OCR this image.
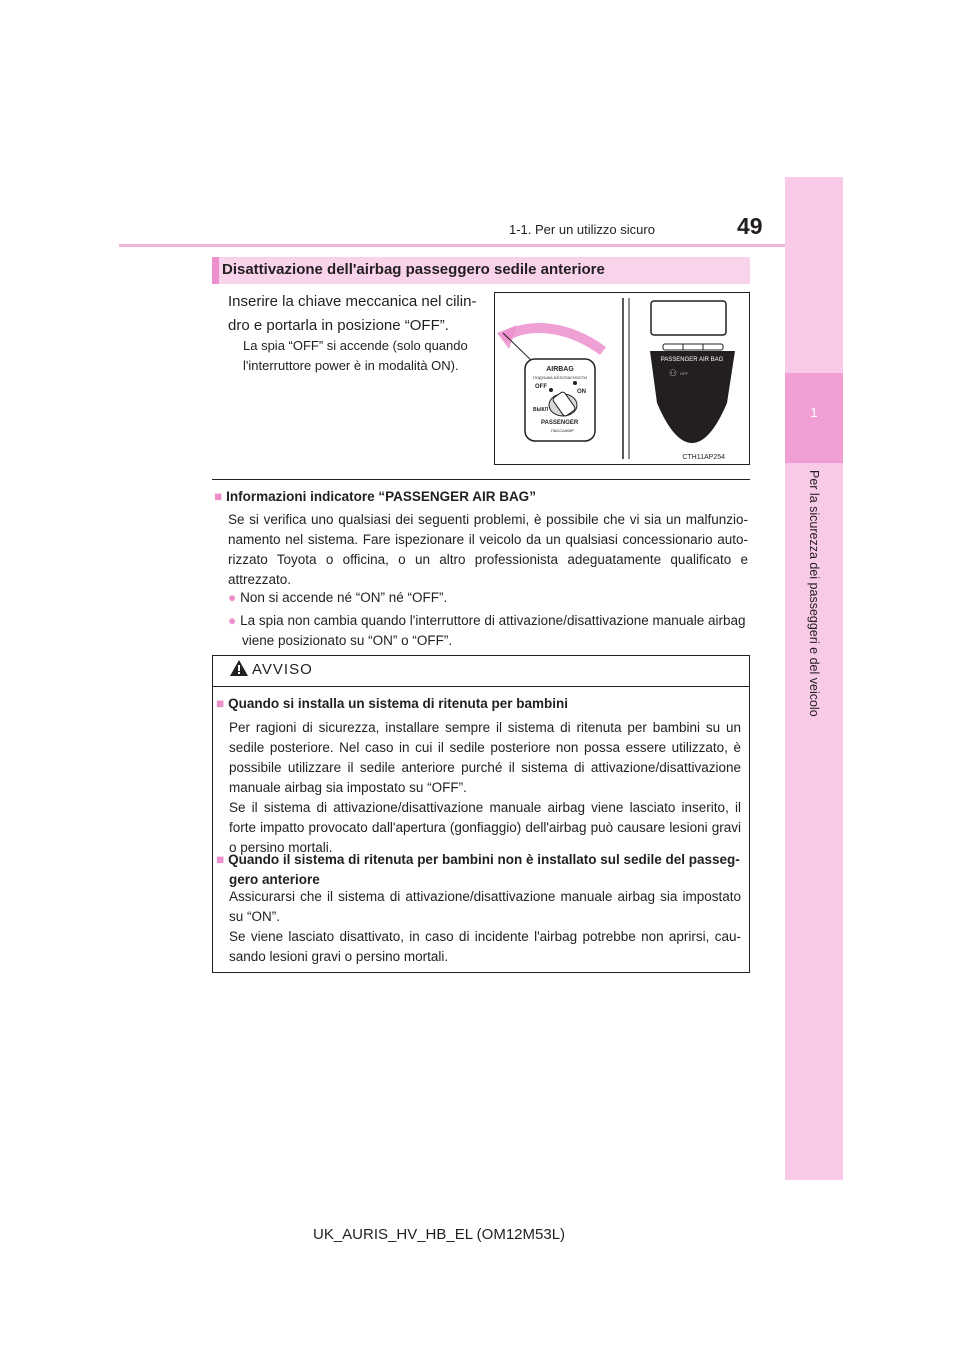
1-1. Per un utilizzo sicuro	49
1
Per la sicurezza dei passeggeri e del veicolo
Disattivazione dell'airbag passeggero sedile anteriore
Inserire la chiave meccanica nel cilin-dro e portarla in posizione “OFF”.
La spia “OFF” si accende (solo quando l'interruttore power è in modalità ON).	AIRBAG
ПОДУШКА БЕЗОПАСНОСТИ
OFF
ON
ВЫКЛ
PASSENGER
ПАССАЖИР
PASSENGER AIR BAG
⚇ OFF
CTH11AP254
■ Informazioni indicatore “PASSENGER AIR BAG”
Se si verifica uno qualsiasi dei seguenti problemi, è possibile che vi sia un malfunzio-namento nel sistema. Fare ispezionare il veicolo da un qualsiasi concessionario auto-rizzato Toyota o officina, o un altro professionista adeguatamente qualificato e attrezzato.
● Non si accende né “ON” né “OFF”.
● La spia non cambia quando l'interruttore di attivazione/disattivazione manuale airbag
viene posizionato su “ON” o “OFF”.
AVVISO
■ Quando si installa un sistema di ritenuta per bambini
Per ragioni di sicurezza, installare sempre il sistema di ritenuta per bambini su un sedile posteriore. Nel caso in cui il sedile posteriore non possa essere utilizzato, è possibile utilizzare il sedile anteriore purché il sistema di attivazione/disattivazione manuale airbag sia impostato su “OFF”.
Se il sistema di attivazione/disattivazione manuale airbag viene lasciato inserito, il forte impatto provocato dall'apertura (gonfiaggio) dell'airbag può causare lesioni gravi o persino mortali.
■ Quando il sistema di ritenuta per bambini non è installato sul sedile del passeg-
gero anteriore
Assicurarsi che il sistema di attivazione/disattivazione manuale airbag sia impostato su “ON”.
Se viene lasciato disattivato, in caso di incidente l'airbag potrebbe non aprirsi, cau-sando lesioni gravi o persino mortali.
UK_AURIS_HV_HB_EL (OM12M53L)
